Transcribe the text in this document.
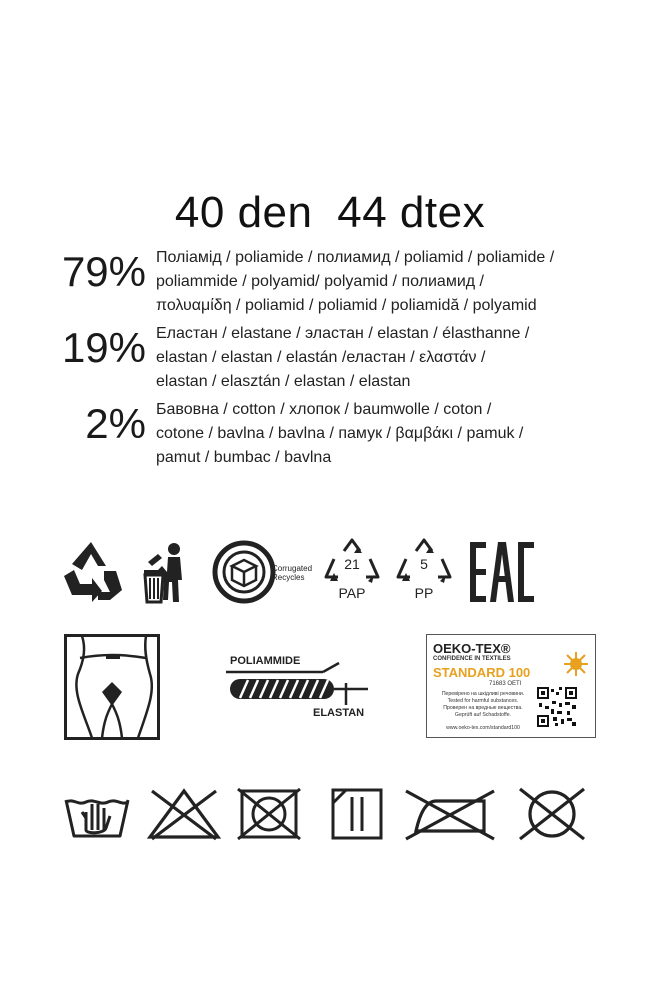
40 den 44 dtex
79% Поліамід / poliamide / полиамид / poliamid / poliamide /
poliammide / polyamid/ polyamid / полиамид /
πολυαμίδη / poliamid / poliamid / poliamidă / polyamid
19% Еластан / elastane / эластан / elastan / élasthanne /
elastan / elastan / elastán /еластан / ελαστάν /
elastan / elasztán / elastan / elastan
2% Бавовна / cotton / хлопок / baumwolle / coton /
cotone / bavlna / bavlna / памук / βαμβάκι / pamuk /
pamut / bumbac / bavlna
Corrugated Recycles
21
PAP
5
PP
POLIAMMIDE
ELASTAN
OEKO-TEX®
CONFIDENCE IN TEXTILES
STANDARD 100
71683 OETI
Перевірено на шкідливі речовини.
Tested for harmful substances.
Проверен на вредные вещества.
Geprüft auf Schadstoffe.
www.oeko-tex.com/standard100
